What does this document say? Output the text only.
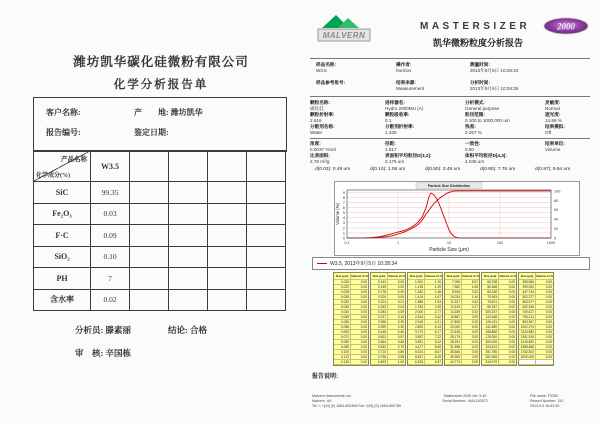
潍坊凯华碳化硅微粉有限公司
化学分析报告单
客户名称:	产　　地: 潍坊凯华
报告编号:	鉴定日期:
产品名称
化学成分(%)
W3.5
SiC	99.35
Fe₂O₃	0.03
F·C	0.09
SiO₂	0.10
PH	7
含水率	0.02
分析员: 滕素丽	结论: 合格
审　核: 辛国栋
MALVERN
MASTERSIZER	2000
凯华微粉粒度分析报告
样品名称:
W3.5
样品参考批号:
操作者:
horizon
结果来源:
Measurement
测量时间:
2013年9月5日 10:28:34
分析时间:
2013年9月5日 10:28:35
颗粒名称:
碳化硅
颗粒折射率:
2.616
分散剂名称:
Water
进样器名:
Hydro 2000MU (A)
颗粒吸收率:
0.1
分散剂折射率:
1.330
分析模式:
General purpose
粒径范围:
0.100 to 1000.000 um
残差:
0.267 %
灵敏度:
Normal
遮光度:
14.88 %
结果模拟:
Off
浓度:
0.0037 %Vol
比表面积:
2.78 m²/g
径距:
1.617
表面积平均粒径D[3,2]:
2.175 um
一致性:
0.50
体积平均粒径D[4,3]:
4.046 um
结果单位:
Volume
d(0.03): 0.49 um	d(0.10): 1.06 um	d(0.50): 3.49 um	d(0.90): 7.76 um	d(0.97): 9.94 um
0
1
2
3
4
5
6
7
8
9
0
20
40
60
80
100
0.1	1	10	100	1000
Particle Size (µm)
Volume (%)
Particle Size Distribution
W3.5, 2013年9月5日 10:28:34
Size (µm) Volume In %
0.020	0.00
0.022	0.00
0.025	0.00
0.028	0.00
0.032	0.00
0.036	0.00
0.040	0.00
0.045	0.00
0.050	0.00
0.056	0.00
0.063	0.00
0.071	0.00
0.080	0.00
0.089	0.00
0.100	0.00
0.112	0.00
0.126	0.00
Size (µm) Volume In %
0.142	0.00
0.159	0.00
0.178	0.00
0.200	0.00
0.224	0.01
0.252	0.04
0.283	0.09
0.317	0.16
0.356	0.25
0.399	0.35
0.448	0.46
0.502	0.57
0.564	0.68
0.632	0.79
0.710	0.89
0.796	0.98
0.893	1.06
Size (µm) Volume In %
1.002	1.16
1.125	1.29
1.262	1.46
1.416	1.67
1.589	1.93
1.783	2.25
2.000	2.77
2.244	3.42
2.518	4.21
2.825	5.14
3.170	6.17
3.557	7.22
3.991	8.12
4.477	8.65
5.024	8.67
5.637	8.09
6.325	6.97
Size (µm) Volume In %
7.096	5.57
7.962	4.06
8.934	2.62
10.024	1.44
11.247	0.62
12.619	0.17
14.159	0.02
15.887	0.00
17.825	0.00
20.000	0.00
22.440	0.00
25.179	0.00
28.251	0.00
31.698	0.00
35.566	0.00
39.905	0.00
44.774	0.00
Size (µm) Volume In %
50.238	0.00
56.368	0.00
63.246	0.00
70.963	0.00
79.621	0.00
89.337	0.00
100.237	0.00
112.468	0.00
126.191	0.00
141.589	0.00
158.866	0.00
178.250	0.00
200.000	0.00
224.404	0.00
251.785	0.00
282.508	0.00
316.979	0.00
Size (µm) Volume In %
355.656	0.00
399.052	0.00
447.744	0.00
502.377	0.00
563.677	0.00
632.456	0.00
709.627	0.00
796.214	0.00
893.367	0.00
1002.374	0.00
1124.683	0.00
1261.915	0.00
1415.892	0.00
1588.656	0.00
1782.502	0.00
2000.000	0.00
报告说明:
Malvern Instruments Ltd.
Malvern, UK
Tel := +[44] (0) 1684-892456 Fax +[44] (0) 1684-892789
Mastersizer 2000 Ver. 5.40
Serial Number : MAL100573
File name: F3350
Record Number: 151
2013-9-6 16:43:30
